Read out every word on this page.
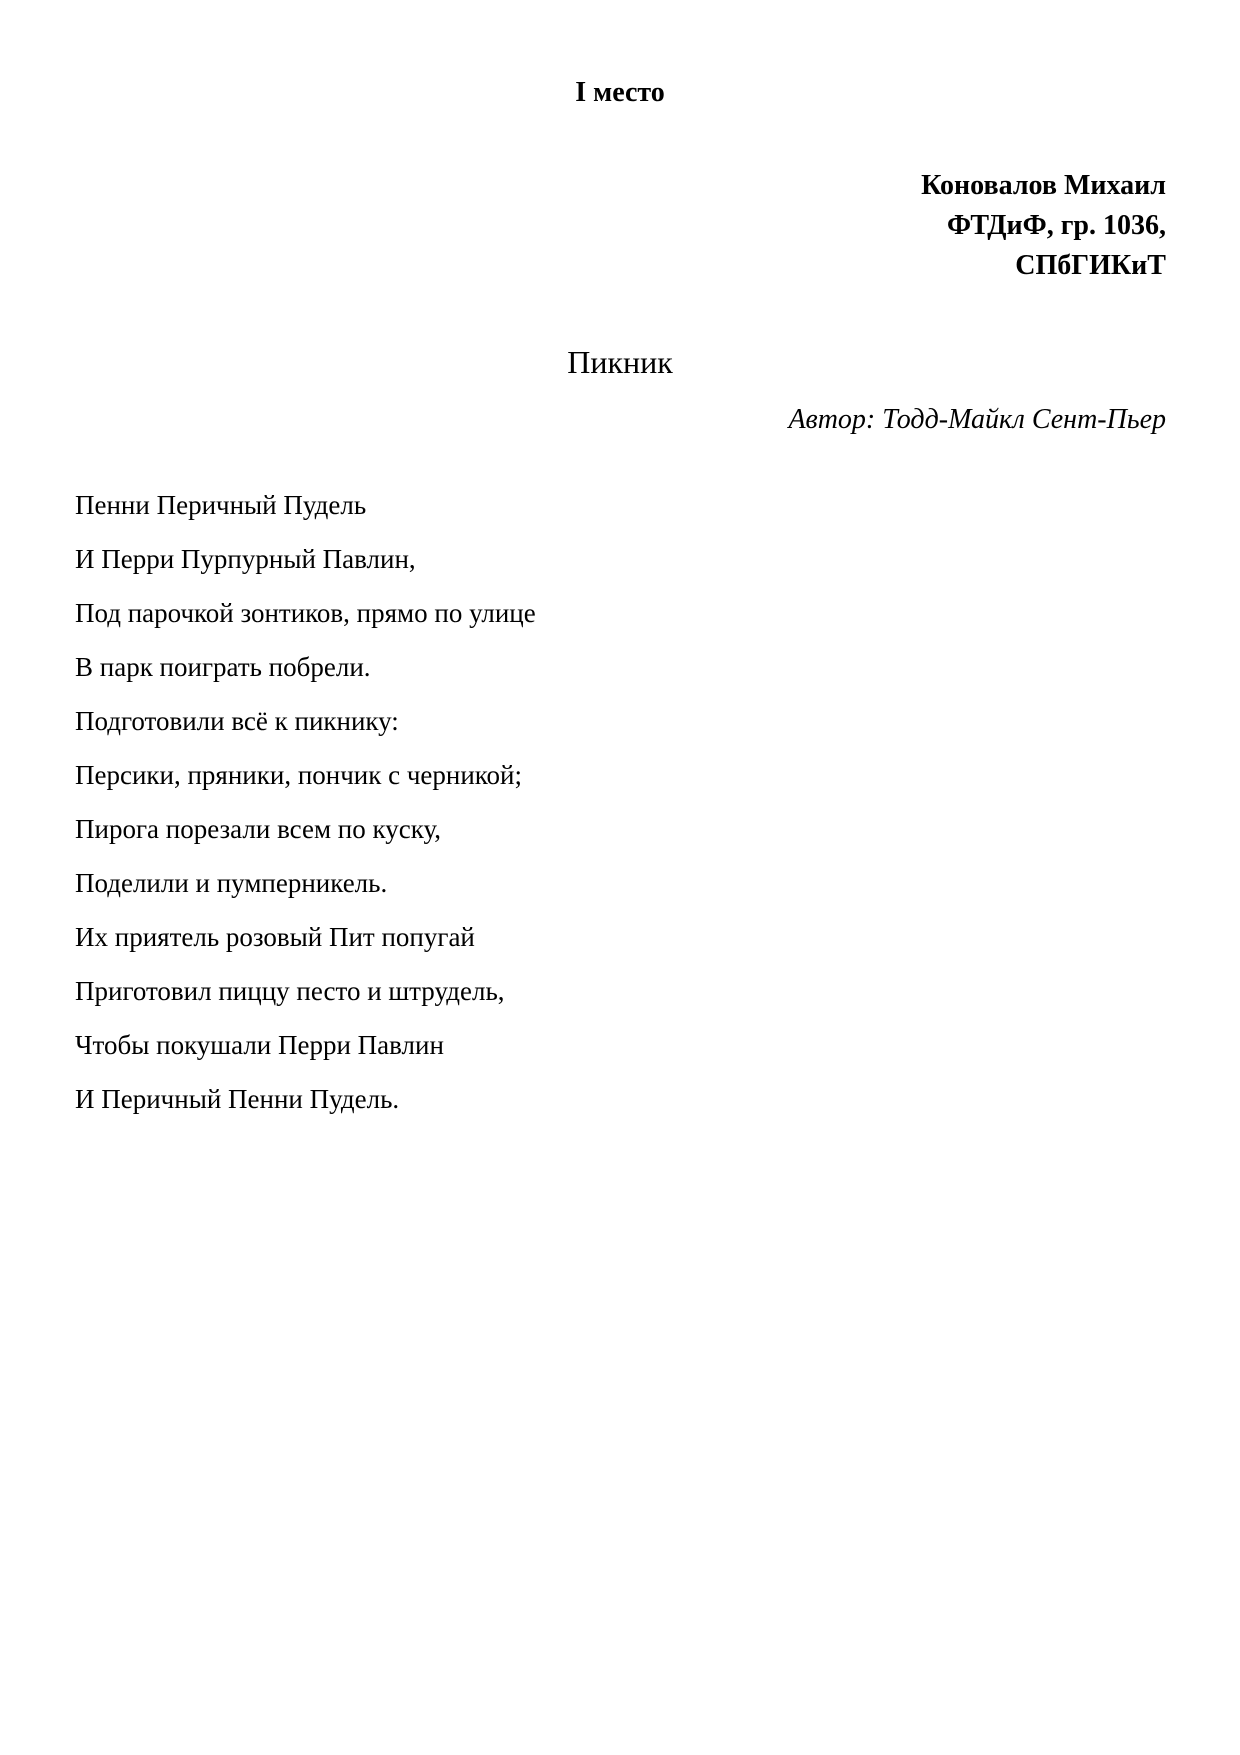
I место
Коновалов Михаил
ФТДиФ, гр. 1036,
СПбГИКиТ
Пикник
Автор: Тодд-Майкл Сент-Пьер
Пенни Перичный Пудель
И Перри Пурпурный Павлин,
Под парочкой зонтиков, прямо по улице
В парк поиграть побрели.
Подготовили всё к пикнику:
Персики, пряники, пончик с черникой;
Пирога порезали всем по куску,
Поделили и пумперникель.
Их приятель розовый Пит попугай
Приготовил пиццу песто и штрудель,
Чтобы покушали Перри Павлин
И Перичный Пенни Пудель.
